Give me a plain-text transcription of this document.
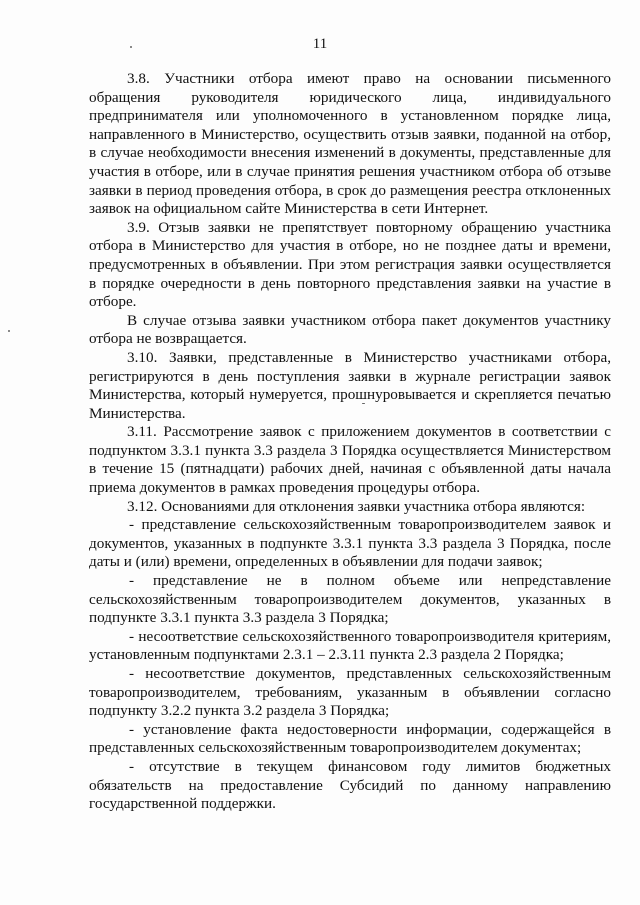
11

3.8. Участники отбора имеют право на основании письменного обращения руководителя юридического лица, индивидуального предпринимателя или уполномоченного в установленном порядке лица, направленного в Министерство, осуществить отзыв заявки, поданной на отбор, в случае необходимости внесения изменений в документы, представленные для участия в отборе, или в случае принятия решения участником отбора об отзыве заявки в период проведения отбора, в срок до размещения реестра отклоненных заявок на официальном сайте Министерства в сети Интернет.

3.9. Отзыв заявки не препятствует повторному обращению участника отбора в Министерство для участия в отборе, но не позднее даты и времени, предусмотренных в объявлении. При этом регистрация заявки осуществляется в порядке очередности в день повторного представления заявки на участие в отборе.

В случае отзыва заявки участником отбора пакет документов участнику отбора не возвращается.

3.10. Заявки, представленные в Министерство участниками отбора, регистрируются в день поступления заявки в журнале регистрации заявок Министерства, который нумеруется, прошнуровывается и скрепляется печатью Министерства.

3.11. Рассмотрение заявок с приложением документов в соответствии с подпунктом 3.3.1 пункта 3.3 раздела 3 Порядка осуществляется Министерством в течение 15 (пятнадцати) рабочих дней, начиная с объявленной даты начала приема документов в рамках проведения процедуры отбора.

3.12. Основаниями для отклонения заявки участника отбора являются:

- представление сельскохозяйственным товаропроизводителем заявок и документов, указанных в подпункте 3.3.1 пункта 3.3 раздела 3 Порядка, после даты и (или) времени, определенных в объявлении для подачи заявок;

- представление не в полном объеме или непредставление сельскохозяйственным товаропроизводителем документов, указанных в подпункте 3.3.1 пункта 3.3 раздела 3 Порядка;

- несоответствие сельскохозяйственного товаропроизводителя критериям, установленным подпунктами 2.3.1 – 2.3.11 пункта 2.3 раздела 2 Порядка;

- несоответствие документов, представленных сельскохозяйственным товаропроизводителем, требованиям, указанным в объявлении согласно подпункту 3.2.2 пункта 3.2 раздела 3 Порядка;

- установление факта недостоверности информации, содержащейся в представленных сельскохозяйственным товаропроизводителем документах;

- отсутствие в текущем финансовом году лимитов бюджетных обязательств на предоставление Субсидий по данному направлению государственной поддержки.
